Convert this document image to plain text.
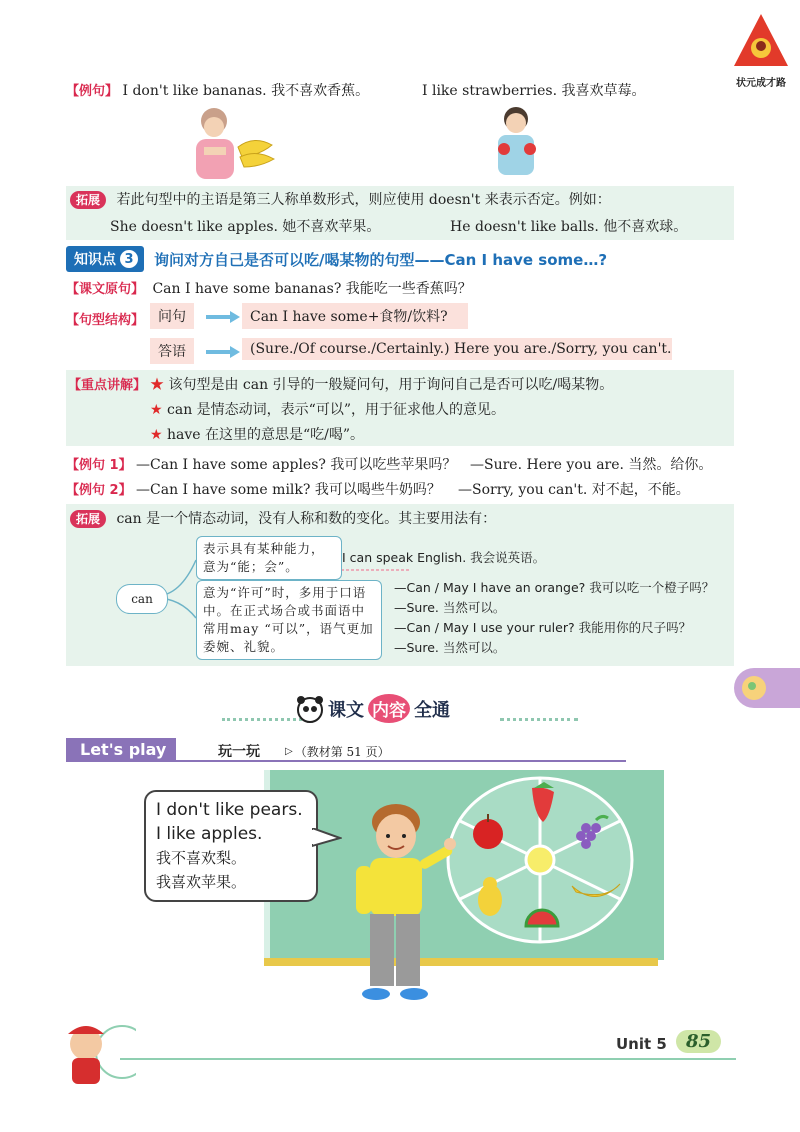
状元成才路
【例句】 I don't like bananas. 我不喜欢香蕉。	I like strawberries. 我喜欢草莓。
拓展 若此句型中的主语是第三人称单数形式，则应使用 doesn't 来表示否定。例如：
She doesn't like apples. 她不喜欢苹果。	He doesn't like balls. 他不喜欢球。
知识点 3 询问对方自己是否可以吃/喝某物的句型——Can I have some…?
【课文原句】 Can I have some bananas? 我能吃一些香蕉吗？
【句型结构】 问句	Can I have some+食物/饮料?
答语	(Sure./Of course./Certainly.) Here you are./Sorry, you can't.
【重点讲解】 ★ 该句型是由 can 引导的一般疑问句，用于询问自己是否可以吃/喝某物。
★ can 是情态动词，表示“可以”，用于征求他人的意见。
★ have 在这里的意思是“吃/喝”。
【例句 1】 —Can I have some apples? 我可以吃些苹果吗？ —Sure. Here you are. 当然。给你。
【例句 2】 —Can I have some milk? 我可以喝些牛奶吗？ —Sorry, you can't. 对不起，不能。
拓展 can 是一个情态动词，没有人称和数的变化。其主要用法有：
can
表示具有某种能力，意为“能；会”。
I can speak English. 我会说英语。
意为“许可”时，多用于口语中。在正式场合或书面语中常用may “可以”，语气更加委婉、礼貌。
—Can / May I have an orange? 我可以吃一个橙子吗？
—Sure. 当然可以。
—Can / May I use your ruler? 我能用你的尺子吗？
—Sure. 当然可以。
课文 内容 全通
Let's play	玩一玩	▷ （教材第 51 页）
I don't like pears.
I like apples.
我不喜欢梨。
我喜欢苹果。
Unit 5	85
